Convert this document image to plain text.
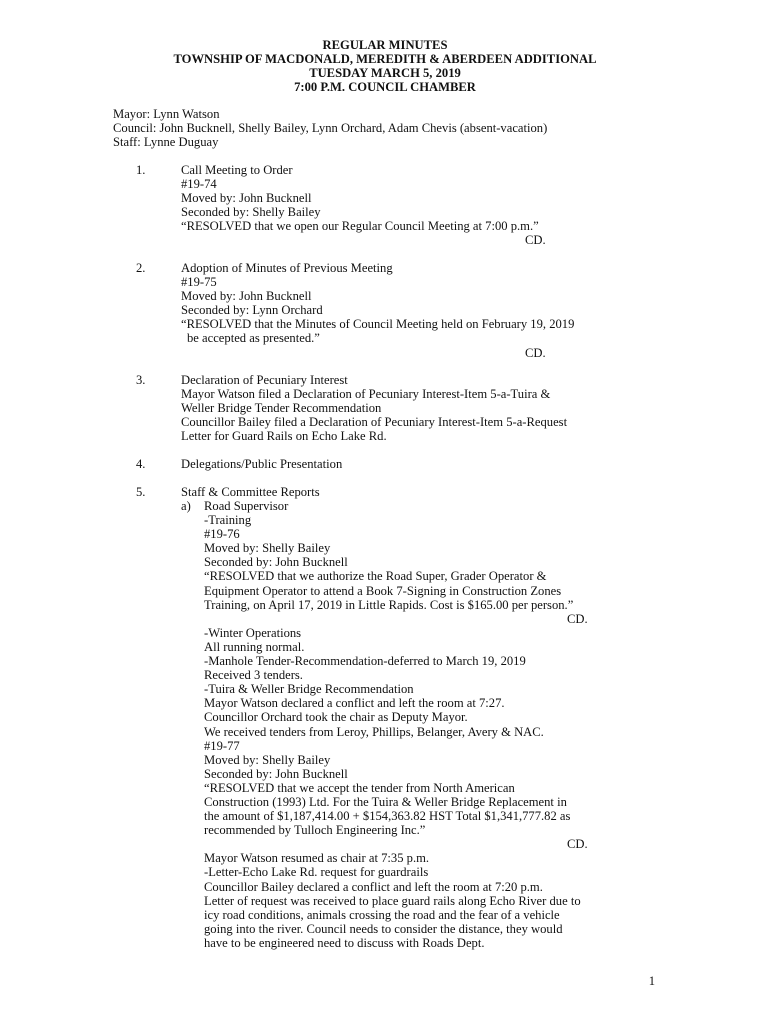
REGULAR MINUTES
TOWNSHIP OF MACDONALD, MEREDITH & ABERDEEN ADDITIONAL
TUESDAY MARCH 5, 2019
7:00 P.M. COUNCIL CHAMBER
Mayor: Lynn Watson
Council: John Bucknell, Shelly Bailey, Lynn Orchard, Adam Chevis (absent-vacation)
Staff: Lynne Duguay
1.	Call Meeting to Order
#19-74
Moved by: John Bucknell
Seconded by: Shelly Bailey
“RESOLVED that we open our Regular Council Meeting at 7:00 p.m.”
CD.
2.	Adoption of Minutes of Previous Meeting
#19-75
Moved by: John Bucknell
Seconded by: Lynn Orchard
“RESOLVED that the Minutes of Council Meeting held on February 19, 2019
be accepted as presented.”
CD.
3.	Declaration of Pecuniary Interest
Mayor Watson filed a Declaration of Pecuniary Interest-Item 5-a-Tuira &
Weller Bridge Tender Recommendation
Councillor Bailey filed a Declaration of Pecuniary Interest-Item 5-a-Request
Letter for Guard Rails on Echo Lake Rd.
4.	Delegations/Public Presentation
5.	Staff & Committee Reports
a) Road Supervisor
-Training
#19-76
Moved by: Shelly Bailey
Seconded by: John Bucknell
“RESOLVED that we authorize the Road Super, Grader Operator &
Equipment Operator to attend a Book 7-Signing in Construction Zones
Training, on April 17, 2019 in Little Rapids. Cost is $165.00 per person.”
CD.
-Winter Operations
All running normal.
-Manhole Tender-Recommendation-deferred to March 19, 2019
Received 3 tenders.
-Tuira & Weller Bridge Recommendation
Mayor Watson declared a conflict and left the room at 7:27.
Councillor Orchard took the chair as Deputy Mayor.
We received tenders from Leroy, Phillips, Belanger, Avery & NAC.
#19-77
Moved by: Shelly Bailey
Seconded by: John Bucknell
“RESOLVED that we accept the tender from North American
Construction (1993) Ltd. For the Tuira & Weller Bridge Replacement in
the amount of $1,187,414.00 + $154,363.82 HST Total $1,341,777.82 as
recommended by Tulloch Engineering Inc.”
CD.
Mayor Watson resumed as chair at 7:35 p.m.
-Letter-Echo Lake Rd. request for guardrails
Councillor Bailey declared a conflict and left the room at 7:20 p.m.
Letter of request was received to place guard rails along Echo River due to
icy road conditions, animals crossing the road and the fear of a vehicle
going into the river. Council needs to consider the distance, they would
have to be engineered need to discuss with Roads Dept.
1
